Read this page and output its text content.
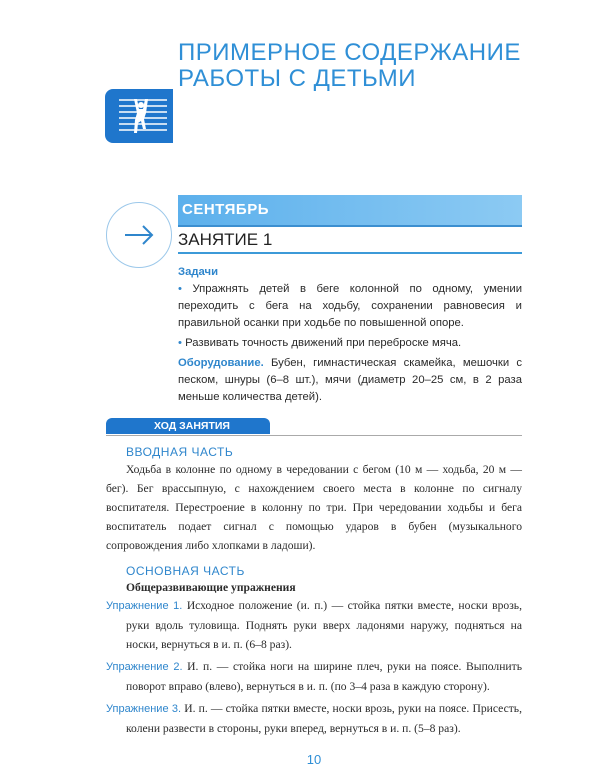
ПРИМЕРНОЕ СОДЕРЖАНИЕ
РАБОТЫ С ДЕТЬМИ
СЕНТЯБРЬ
ЗАНЯТИЕ 1

Задачи

• Упражнять детей в беге колонной по одному, умении переходить с бега на ходьбу, сохранении равновесия и правильной осанки при ходьбе по повышенной опоре.

• Развивать точность движений при переброске мяча.

Оборудование. Бубен, гимнастическая скамейка, мешочки с песком, шнуры (6–8 шт.), мячи (диаметр 20–25 см, в 2 раза меньше количества детей).

ХОД ЗАНЯТИЯ
ВВОДНАЯ ЧАСТЬ
Ходьба в колонне по одному в чередовании с бегом (10 м — ходьба, 20 м — бег). Бег врассыпную, с нахождением своего места в колонне по сигналу воспитателя. Перестроение в колонну по три. При чередовании ходьбы и бега воспитатель подает сигнал с помощью ударов в бубен (музыкального сопровождения либо хлопками в ладоши).
ОСНОВНАЯ ЧАСТЬ
Общеразвивающие упражнения

Упражнение 1. Исходное положение (и. п.) — стойка пятки вместе, носки врозь, руки вдоль туловища. Поднять руки вверх ладонями наружу, подняться на носки, вернуться в и. п. (6–8 раз).

Упражнение 2. И. п. — стойка ноги на ширине плеч, руки на поясе. Выполнить поворот вправо (влево), вернуться в и. п. (по 3–4 раза в каждую сторону).

Упражнение 3. И. п. — стойка пятки вместе, носки врозь, руки на поясе. Присесть, колени развести в стороны, руки вперед, вернуться в и. п. (5–8 раз).

10
